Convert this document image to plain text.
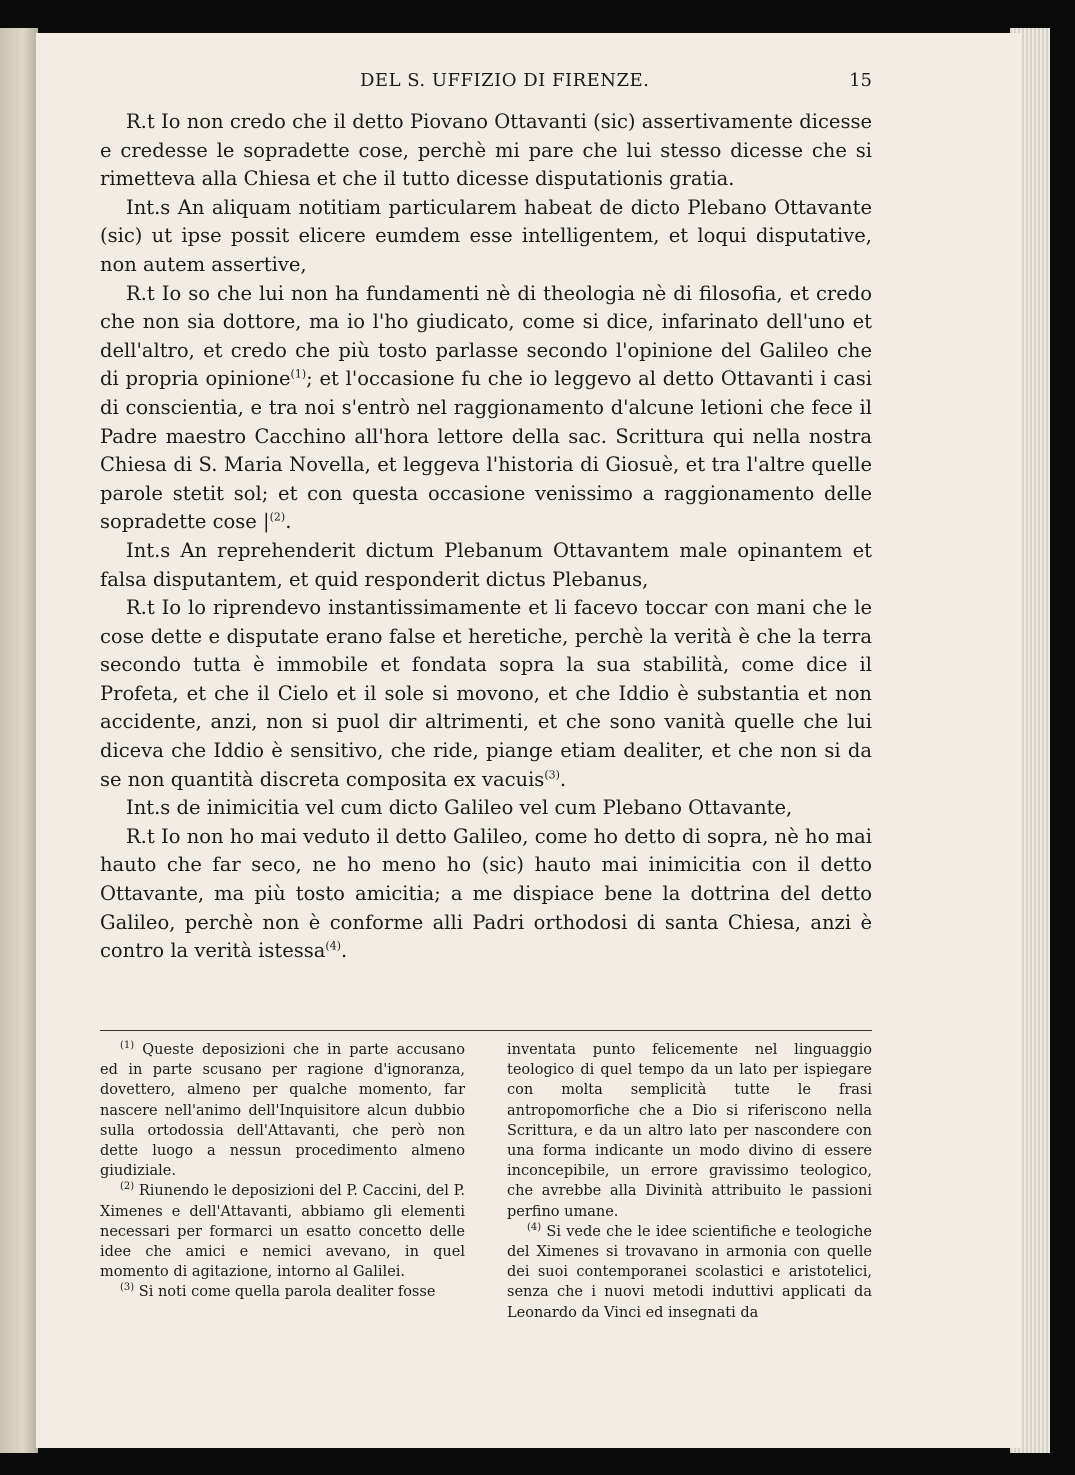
DEL S. UFFIZIO DI FIRENZE.	15

R.t Io non credo che il detto Piovano Ottavanti (sic) assertivamente dicesse e credesse le sopradette cose, perchè mi pare che lui stesso dicesse che si rimetteva alla Chiesa et che il tutto dicesse disputationis gratia.

Int.s An aliquam notitiam particularem habeat de dicto Plebano Ottavante (sic) ut ipse possit elicere eumdem esse intelligentem, et loqui disputative, non autem assertive,

R.t Io so che lui non ha fundamenti nè di theologia nè di filosofia, et credo che non sia dottore, ma io l'ho giudicato, come si dice, infarinato dell'uno et dell'altro, et credo che più tosto parlasse secondo l'opinione del Galileo che di propria opinione$^{(1)}$; et l'occasione fu che io leggevo al detto Ottavanti i casi di conscientia, e tra noi s'entrò nel raggionamento d'alcune letioni che fece il Padre maestro Cacchino all'hora lettore della sac. Scrittura qui nella nostra Chiesa di S. Maria Novella, et leggeva l'historia di Giosuè, et tra l'altre quelle parole stetit sol; et con questa occasione venissimo a raggionamento delle sopradette cose |$^{(2)}$.

Int.s An reprehenderit dictum Plebanum Ottavantem male opinantem et falsa disputantem, et quid responderit dictus Plebanus,

R.t Io lo riprendevo instantissimamente et li facevo toccar con mani che le cose dette e disputate erano false et heretiche, perchè la verità è che la terra secondo tutta è immobile et fondata sopra la sua stabilità, come dice il Profeta, et che il Cielo et il sole si movono, et che Iddio è substantia et non accidente, anzi, non si puol dir altrimenti, et che sono vanità quelle che lui diceva che Iddio è sensitivo, che ride, piange etiam dealiter, et che non si da se non quantità discreta composita ex vacuis$^{(3)}$.

Int.s de inimicitia vel cum dicto Galileo vel cum Plebano Ottavante,

R.t Io non ho mai veduto il detto Galileo, come ho detto di sopra, nè ho mai hauto che far seco, ne ho meno ho (sic) hauto mai inimicitia con il detto Ottavante, ma più tosto amicitia; a me dispiace bene la dottrina del detto Galileo, perchè non è conforme alli Padri orthodosi di santa Chiesa, anzi è contro la verità istessa$^{(4)}$.

$^{(1)}$ Queste deposizioni che in parte accusano ed in parte scusano per ragione d'ignoranza, dovettero, almeno per qualche momento, far nascere nell'animo dell'Inquisitore alcun dubbio sulla ortodossia dell'Attavanti, che però non dette luogo a nessun procedimento almeno giudiziale.

$^{(2)}$ Riunendo le deposizioni del P. Caccini, del P. Ximenes e dell'Attavanti, abbiamo gli elementi necessari per formarci un esatto concetto delle idee che amici e nemici avevano, in quel momento di agitazione, intorno al Galilei.

$^{(3)}$ Si noti come quella parola dealiter fosse

inventata punto felicemente nel linguaggio teologico di quel tempo da un lato per ispiegare con molta semplicità tutte le frasi antropomorfiche che a Dio si riferiscono nella Scrittura, e da un altro lato per nascondere con una forma indicante un modo divino di essere inconcepibile, un errore gravissimo teologico, che avrebbe alla Divinità attribuito le passioni perfino umane.

$^{(4)}$ Si vede che le idee scientifiche e teologiche del Ximenes si trovavano in armonia con quelle dei suoi contemporanei scolastici e aristotelici, senza che i nuovi metodi induttivi applicati da Leonardo da Vinci ed insegnati da
